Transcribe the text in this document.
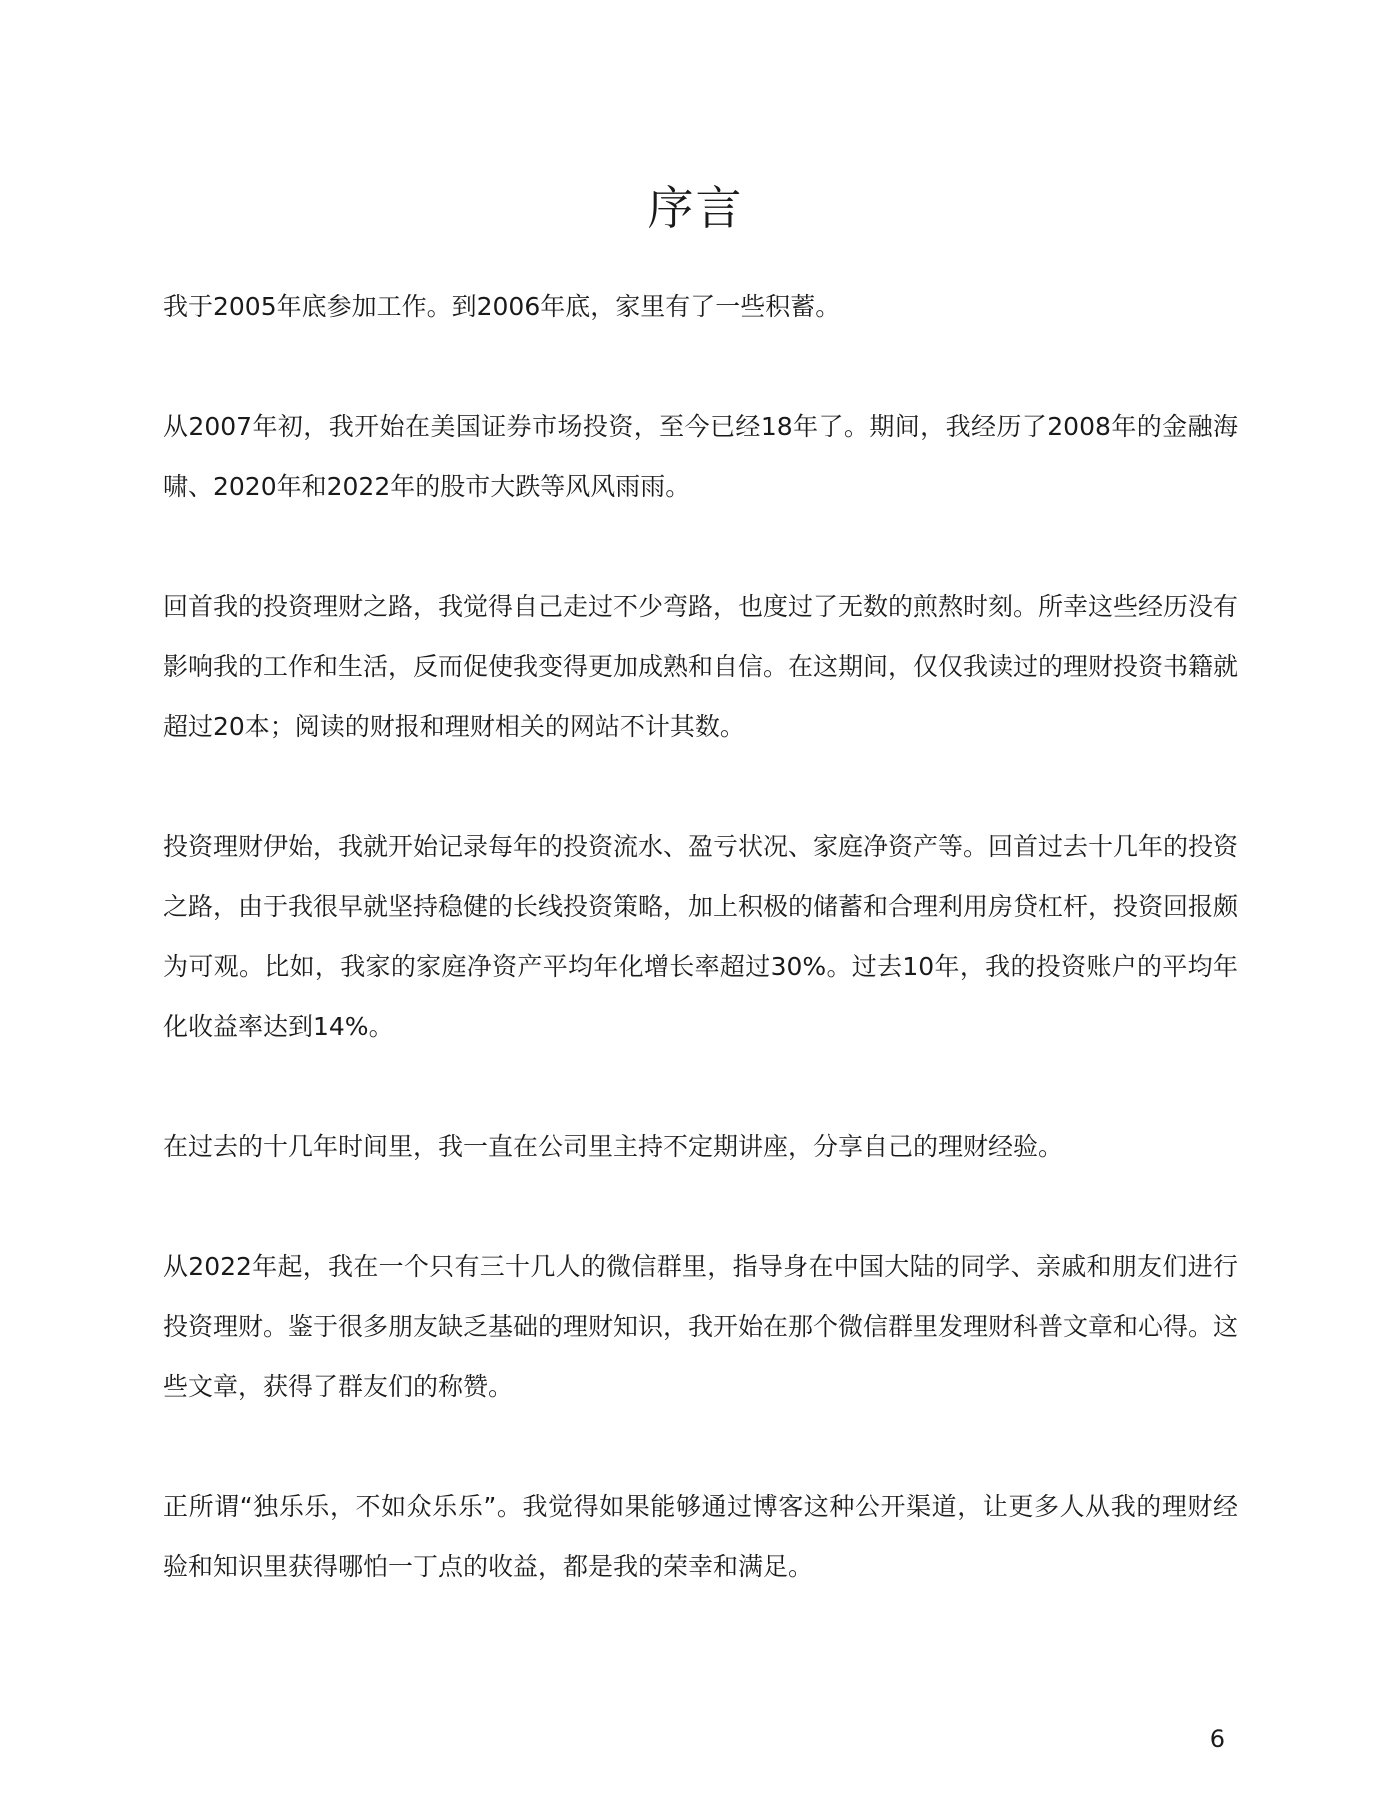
序言

我于2005年底参加工作。到2006年底，家里有了一些积蓄。

从2007年初，我开始在美国证券市场投资，至今已经18年了。期间，我经历了2008年的金融海啸、2020年和2022年的股市大跌等风风雨雨。

回首我的投资理财之路，我觉得自己走过不少弯路，也度过了无数的煎熬时刻。所幸这些经历没有影响我的工作和生活，反而促使我变得更加成熟和自信。在这期间，仅仅我读过的理财投资书籍就超过20本；阅读的财报和理财相关的网站不计其数。

投资理财伊始，我就开始记录每年的投资流水、盈亏状况、家庭净资产等。回首过去十几年的投资之路，由于我很早就坚持稳健的长线投资策略，加上积极的储蓄和合理利用房贷杠杆，投资回报颇为可观。比如，我家的家庭净资产平均年化增长率超过30%。过去10年，我的投资账户的平均年化收益率达到14%。

在过去的十几年时间里，我一直在公司里主持不定期讲座，分享自己的理财经验。

从2022年起，我在一个只有三十几人的微信群里，指导身在中国大陆的同学、亲戚和朋友们进行投资理财。鉴于很多朋友缺乏基础的理财知识，我开始在那个微信群里发理财科普文章和心得。这些文章，获得了群友们的称赞。

正所谓“独乐乐，不如众乐乐”。我觉得如果能够通过博客这种公开渠道，让更多人从我的理财经验和知识里获得哪怕一丁点的收益，都是我的荣幸和满足。

6
